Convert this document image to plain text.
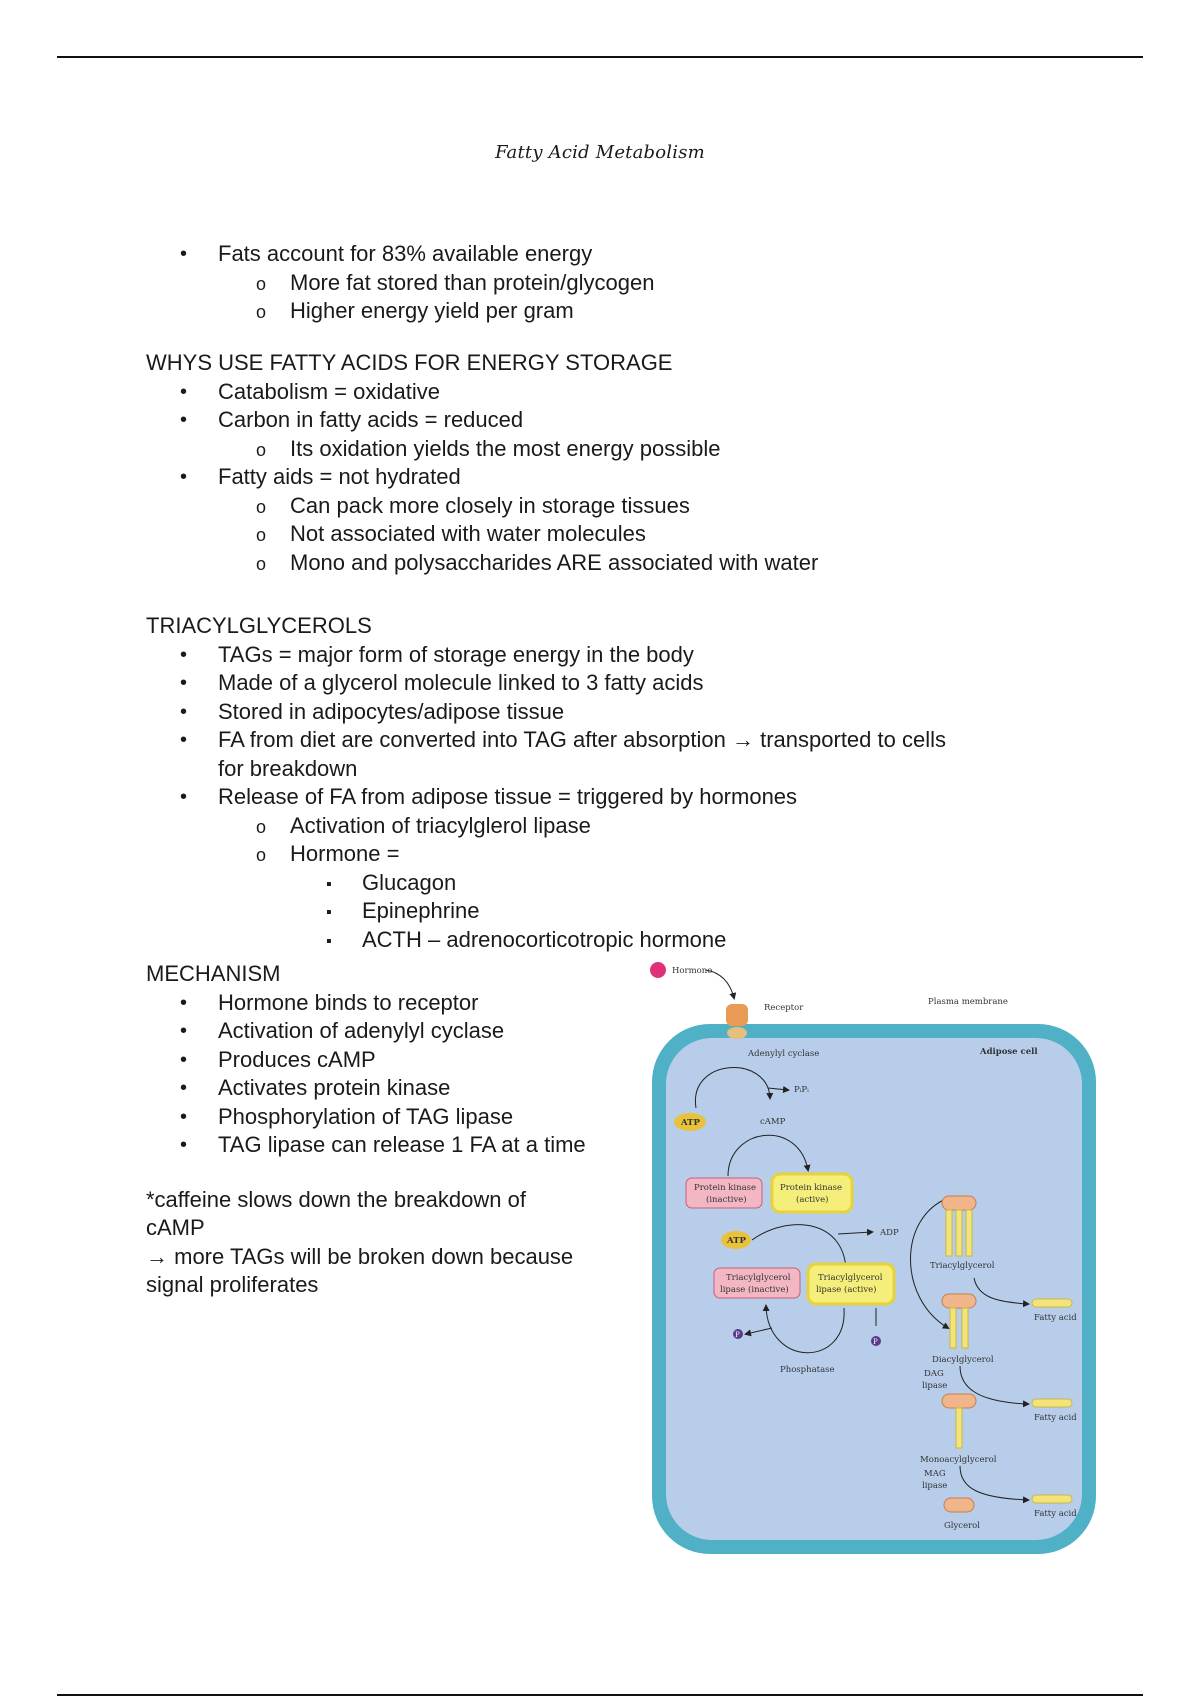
Fatty Acid Metabolism
• Fats account for 83% available energy
o More fat stored than protein/glycogen
o Higher energy yield per gram
WHYS USE FATTY ACIDS FOR ENERGY STORAGE
• Catabolism = oxidative
• Carbon in fatty acids = reduced
o Its oxidation yields the most energy possible
• Fatty aids = not hydrated
o Can pack more closely in storage tissues
o Not associated with water molecules
o Mono and polysaccharides ARE associated with water
TRIACYLGLYCEROLS
• TAGs = major form of storage energy in the body
• Made of a glycerol molecule linked to 3 fatty acids
• Stored in adipocytes/adipose tissue
• FA from diet are converted into TAG after absorption → transported to cells
for breakdown
• Release of FA from adipose tissue = triggered by hormones
o Activation of triacylglerol lipase
o Hormone =
▪ Glucagon
▪ Epinephrine
▪ ACTH – adrenocorticotropic hormone
MECHANISM
• Hormone binds to receptor
• Activation of adenylyl cyclase
• Produces cAMP
• Activates protein kinase
• Phosphorylation of TAG lipase
• TAG lipase can release 1 FA at a time
*caffeine slows down the breakdown of
cAMP
→ more TAGs will be broken down because
signal proliferates
Hormone
Receptor
Plasma membrane
Adipose cell
Adenylyl cyclase
PᵢPᵢ
ATP	cAMP
Protein kinase
(inactive)
Protein kinase
(active)
ATP
ADP
Triacylglycerol
lipase (inactive)
Triacylglycerol
lipase (active)
P
P
Phosphatase
Triacylglycerol
Fatty acid
Diacylglycerol
DAG
lipase
Fatty acid
Monoacylglycerol
MAG
lipase
Fatty acid
Glycerol
